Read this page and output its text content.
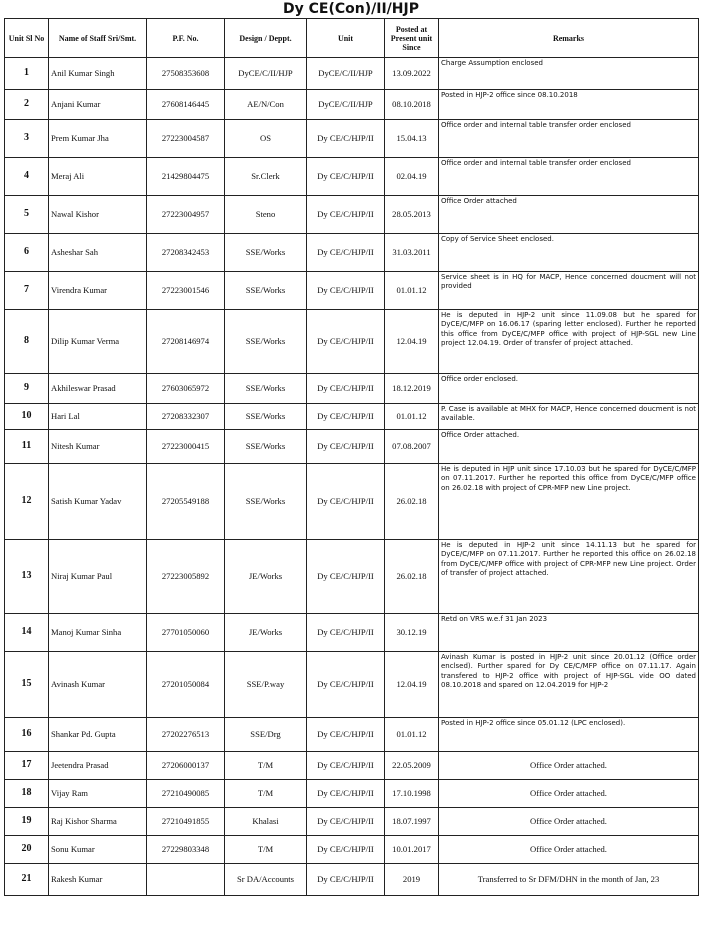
Dy CE(Con)/II/HJP
Unit Sl No	Name of Staff Sri/Smt.	P.F. No.	Design / Deppt.	Unit	Posted at Present unit Since	Remarks
1	Anil Kumar Singh	27508353608	DyCE/C/II/HJP	DyCE/C/II/HJP	13.09.2022	Charge Assumption enclosed
2	Anjani Kumar	27608146445	AE/N/Con	DyCE/C/II/HJP	08.10.2018	Posted in HJP-2 office since 08.10.2018
3	Prem Kumar Jha	27223004587	OS	Dy CE/C/HJP/II	15.04.13	Office order and internal table transfer order enclosed
4	Meraj Ali	21429804475	Sr.Clerk	Dy CE/C/HJP/II	02.04.19	Office order and internal table transfer order enclosed
5	Nawal Kishor	27223004957	Steno	Dy CE/C/HJP/II	28.05.2013	Office Order attached
6	Asheshar Sah	27208342453	SSE/Works	Dy CE/C/HJP/II	31.03.2011	Copy of Service Sheet enclosed.
7	Virendra Kumar	27223001546	SSE/Works	Dy CE/C/HJP/II	01.01.12	Service sheet is in HQ for MACP, Hence concerned doucment will not provided
8	Dilip Kumar Verma	27208146974	SSE/Works	Dy CE/C/HJP/II	12.04.19	He is deputed in HJP-2 unit since 11.09.08 but he spared for DyCE/C/MFP on 16.06.17 (sparing letter enclosed). Further he reported this office from DyCE/C/MFP office with project of HJP-SGL new Line project 12.04.19. Order of transfer of project attached.
9	Akhileswar Prasad	27603065972	SSE/Works	Dy CE/C/HJP/II	18.12.2019	Office order enclosed.
10	Hari Lal	27208332307	SSE/Works	Dy CE/C/HJP/II	01.01.12	P. Case is available at MHX for MACP, Hence concerned doucment is not available.
11	Nitesh Kumar	27223000415	SSE/Works	Dy CE/C/HJP/II	07.08.2007	Office Order attached.
12	Satish Kumar Yadav	27205549188	SSE/Works	Dy CE/C/HJP/II	26.02.18	He is deputed in HJP unit since 17.10.03 but he spared for DyCE/C/MFP on 07.11.2017. Further he reported this office from DyCE/C/MFP office on 26.02.18 with project of CPR-MFP new Line project.
13	Niraj Kumar Paul	27223005892	JE/Works	Dy CE/C/HJP/II	26.02.18	He is deputed in HJP-2 unit since 14.11.13 but he spared for DyCE/C/MFP on 07.11.2017. Further he reported this office on 26.02.18 from DyCE/C/MFP office with project of CPR-MFP new Line project. Order of transfer of project attached.
14	Manoj Kumar Sinha	27701050060	JE/Works	Dy CE/C/HJP/II	30.12.19	Retd on VRS w.e.f 31 Jan 2023
15	Avinash Kumar	27201050084	SSE/P.way	Dy CE/C/HJP/II	12.04.19	Avinash Kumar is posted in HJP-2 unit since 20.01.12 (Office order enclsed). Further spared for Dy CE/C/MFP office on 07.11.17. Again transfered to HJP-2 office with project of HJP-SGL vide OO dated 08.10.2018 and spared on 12.04.2019 for HJP-2
16	Shankar Pd. Gupta	27202276513	SSE/Drg	Dy CE/C/HJP/II	01.01.12	Posted in HJP-2 office since 05.01.12 (LPC enclosed).
17	Jeetendra Prasad	27206000137	T/M	Dy CE/C/HJP/II	22.05.2009	Office Order attached.
18	Vijay Ram	27210490085	T/M	Dy CE/C/HJP/II	17.10.1998	Office Order attached.
19	Raj Kishor Sharma	27210491855	Khalasi	Dy CE/C/HJP/II	18.07.1997	Office Order attached.
20	Sonu Kumar	27229803348	T/M	Dy CE/C/HJP/II	10.01.2017	Office Order attached.
21	Rakesh Kumar		Sr DA/Accounts	Dy CE/C/HJP/II	2019	Transferred to Sr DFM/DHN in the month of Jan, 23
